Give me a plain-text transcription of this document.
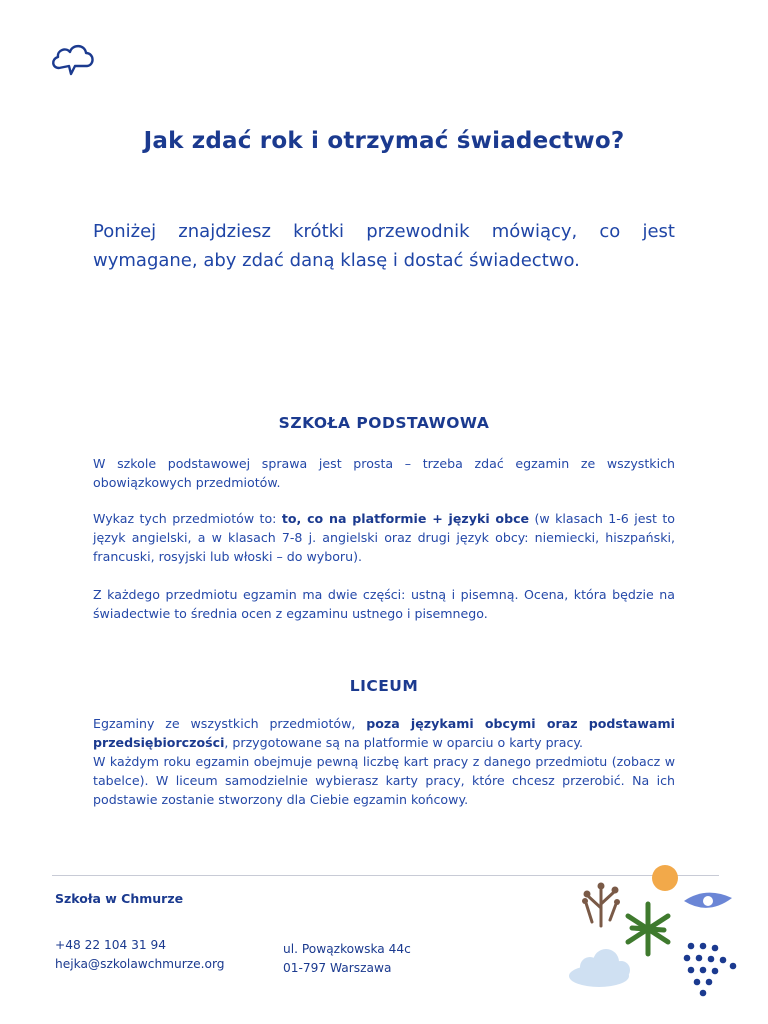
Jak zdać rok i otrzymać świadectwo?

Poniżej znajdziesz krótki przewodnik mówiący, co jest wymagane, aby zdać daną klasę i dostać świadectwo.

SZKOŁA PODSTAWOWA

W szkole podstawowej sprawa jest prosta – trzeba zdać egzamin ze wszystkich obowiązkowych przedmiotów.

Wykaz tych przedmiotów to: to, co na platformie + języki obce (w klasach 1-6 jest to język angielski, a w klasach 7-8 j. angielski oraz drugi język obcy: niemiecki, hiszpański, francuski, rosyjski lub włoski – do wyboru).

Z każdego przedmiotu egzamin ma dwie części: ustną i pisemną. Ocena, która będzie na świadectwie to średnia ocen z egzaminu ustnego i pisemnego.

LICEUM

Egzaminy ze wszystkich przedmiotów, poza językami obcymi oraz podstawami przedsiębiorczości, przygotowane są na platformie w oparciu o karty pracy.

W każdym roku egzamin obejmuje pewną liczbę kart pracy z danego przedmiotu (zobacz w tabelce). W liceum samodzielnie wybierasz karty pracy, które chcesz przerobić. Na ich podstawie zostanie stworzony dla Ciebie egzamin końcowy.

Szkoła w Chmurze
+48 22 104 31 94
hejka@szkolawchmurze.org
ul. Powązkowska 44c
01-797 Warszawa
